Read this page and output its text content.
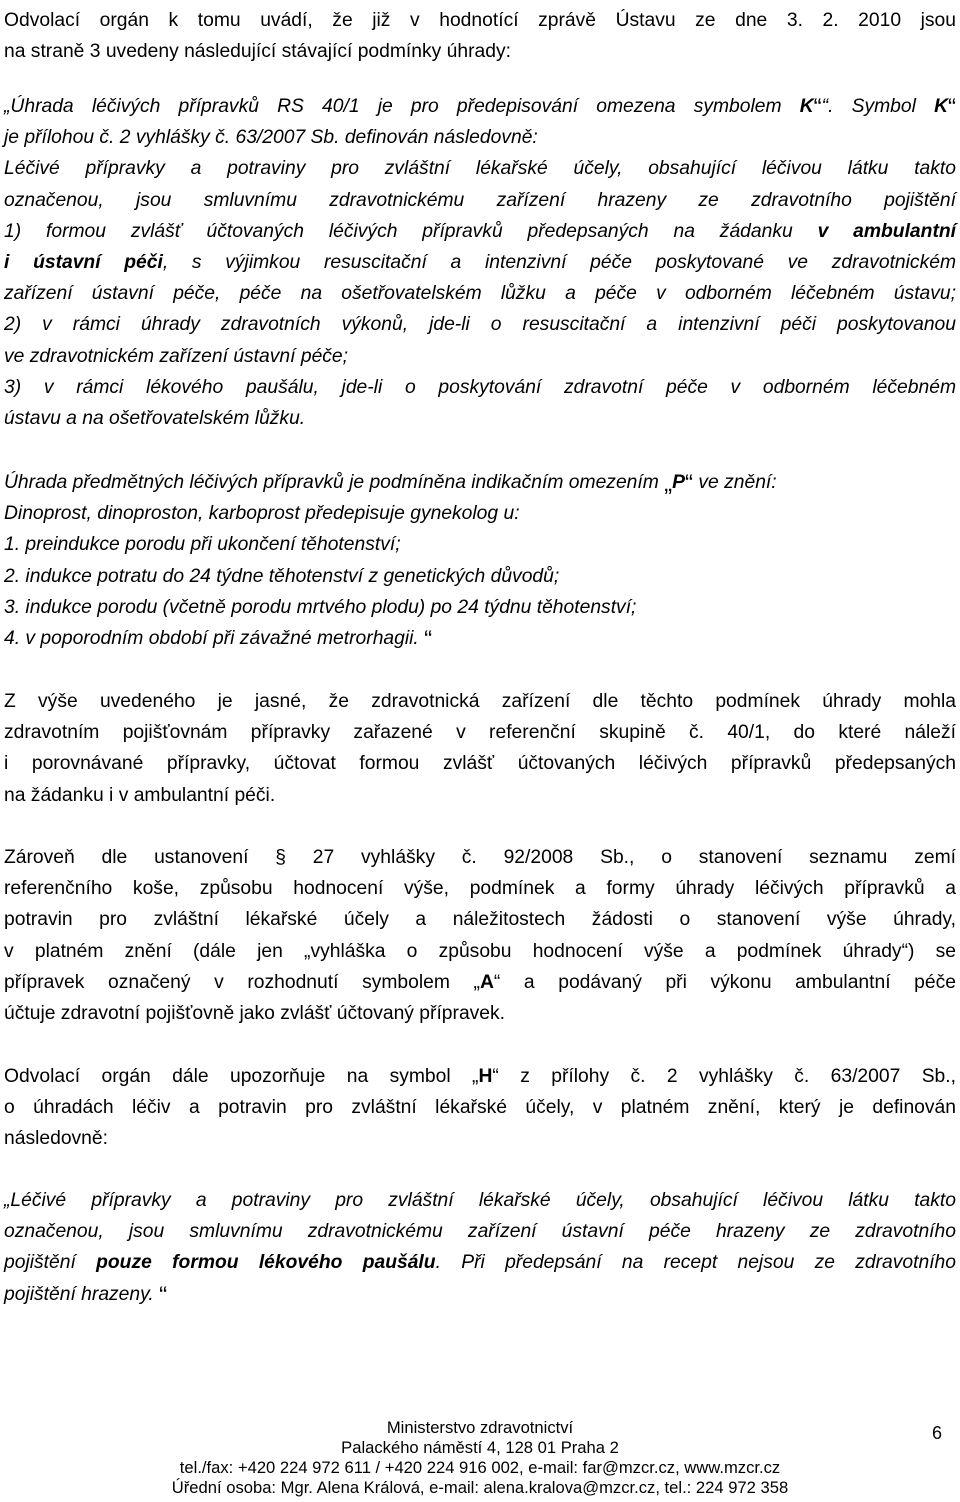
Odvolací orgán k tomu uvádí, že již v hodnotící zprávě Ústavu ze dne 3. 2. 2010 jsou
na straně 3 uvedeny následující stávající podmínky úhrady:
„Úhrada léčivých přípravků RS 40/1 je pro předepisování omezena symbolem K““. Symbol K“
je přílohou č. 2 vyhlášky č. 63/2007 Sb. definován následovně:
Léčivé přípravky a potraviny pro zvláštní lékařské účely, obsahující léčivou látku takto
označenou, jsou smluvnímu zdravotnickému zařízení hrazeny ze zdravotního pojištění
1) formou zvlášť účtovaných léčivých přípravků předepsaných na žádanku v ambulantní
i ústavní péči, s výjimkou resuscitační a intenzivní péče poskytované ve zdravotnickém
zařízení ústavní péče, péče na ošetřovatelském lůžku a péče v odborném léčebném ústavu;
2) v rámci úhrady zdravotních výkonů, jde-li o resuscitační a intenzivní péči poskytovanou
ve zdravotnickém zařízení ústavní péče;
3) v rámci lékového paušálu, jde-li o poskytování zdravotní péče v odborném léčebném
ústavu a na ošetřovatelském lůžku.
Úhrada předmětných léčivých přípravků je podmíněna indikačním omezením „P“ ve znění:
Dinoprost, dinoproston, karboprost předepisuje gynekolog u:
1. preindukce porodu při ukončení těhotenství;
2. indukce potratu do 24 týdne těhotenství z genetických důvodů;
3. indukce porodu (včetně porodu mrtvého plodu) po 24 týdnu těhotenství;
4. v poporodním období při závažné metrorhagii. “
Z výše uvedeného je jasné, že zdravotnická zařízení dle těchto podmínek úhrady mohla
zdravotním pojišťovnám přípravky zařazené v referenční skupině č. 40/1, do které náleží
i porovnávané přípravky, účtovat formou zvlášť účtovaných léčivých přípravků předepsaných
na žádanku i v ambulantní péči.
Zároveň dle ustanovení § 27 vyhlášky č. 92/2008 Sb., o stanovení seznamu zemí
referenčního koše, způsobu hodnocení výše, podmínek a formy úhrady léčivých přípravků a
potravin pro zvláštní lékařské účely a náležitostech žádosti o stanovení výše úhrady,
v platném znění (dále jen „vyhláška o způsobu hodnocení výše a podmínek úhrady“) se
přípravek označený v rozhodnutí symbolem „A“ a podávaný při výkonu ambulantní péče
účtuje zdravotní pojišťovně jako zvlášť účtovaný přípravek.
Odvolací orgán dále upozorňuje na symbol „H“ z přílohy č. 2 vyhlášky č. 63/2007 Sb.,
o úhradách léčiv a potravin pro zvláštní lékařské účely, v platném znění, který je definován
následovně:
„Léčivé přípravky a potraviny pro zvláštní lékařské účely, obsahující léčivou látku takto
označenou, jsou smluvnímu zdravotnickému zařízení ústavní péče hrazeny ze zdravotního
pojištění pouze formou lékového paušálu. Při předepsání na recept nejsou ze zdravotního
pojištění hrazeny. “
Ministerstvo zdravotnictví
Palackého náměstí 4, 128 01 Praha 2
tel./fax: +420 224 972 611 / +420 224 916 002, e-mail: far@mzcr.cz, www.mzcr.cz
Úřední osoba: Mgr. Alena Králová, e-mail: alena.kralova@mzcr.cz, tel.: 224 972 358
6
